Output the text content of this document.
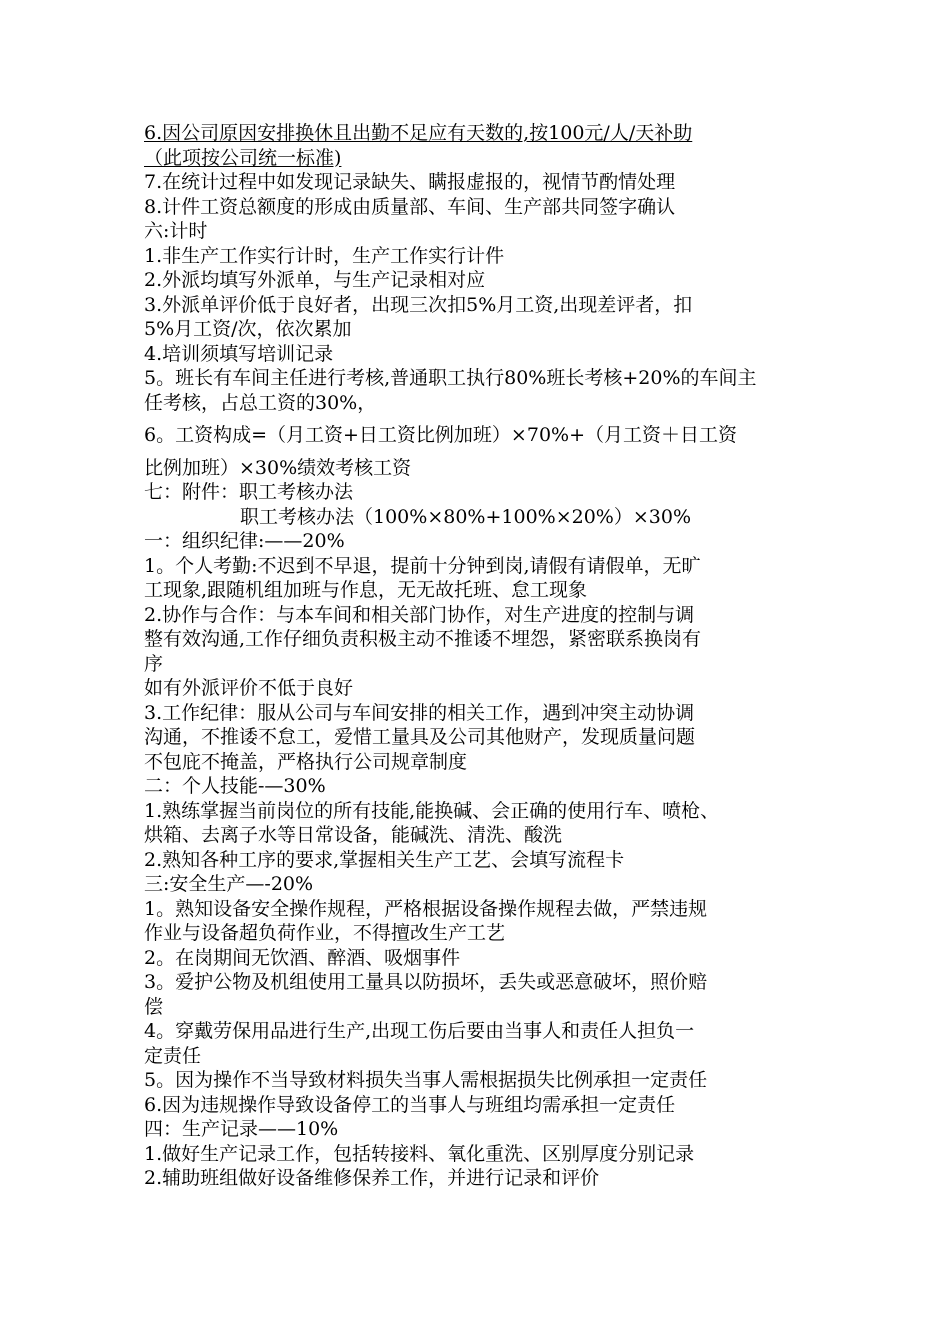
6.因公司原因安排换休且出勤不足应有天数的,按100元/人/天补助
（此项按公司统一标准)
7.在统计过程中如发现记录缺失、瞒报虚报的，视情节酌情处理
8.计件工资总额度的形成由质量部、车间、生产部共同签字确认
六:计时
1.非生产工作实行计时，生产工作实行计件
2.外派均填写外派单，与生产记录相对应
3.外派单评价低于良好者，出现三次扣5%月工资,出现差评者，扣
5%月工资/次，依次累加
4.培训须填写培训记录
5。班长有车间主任进行考核,普通职工执行80%班长考核+20%的车间主
任考核，占总工资的30%，
6。工资构成=（月工资+日工资比例加班）×70%+（月工资＋日工资
比例加班）×30%绩效考核工资
七：附件：职工考核办法
职工考核办法（100%×80%+100%×20%）×30%
一：组织纪律:——20%
1。个人考勤:不迟到不早退，提前十分钟到岗,请假有请假单，无旷
工现象,跟随机组加班与作息，无无故托班、怠工现象
2.协作与合作：与本车间和相关部门协作，对生产进度的控制与调
整有效沟通,工作仔细负责积极主动不推诿不埋怨，紧密联系换岗有
序
如有外派评价不低于良好
3.工作纪律：服从公司与车间安排的相关工作，遇到冲突主动协调
沟通，不推诿不怠工，爱惜工量具及公司其他财产，发现质量问题
不包庇不掩盖，严格执行公司规章制度
二：个人技能-—30%
1.熟练掌握当前岗位的所有技能,能换碱、会正确的使用行车、喷枪、
烘箱、去离子水等日常设备，能碱洗、清洗、酸洗
2.熟知各种工序的要求,掌握相关生产工艺、会填写流程卡
三:安全生产—-20%
1。熟知设备安全操作规程，严格根据设备操作规程去做，严禁违规
作业与设备超负荷作业，不得擅改生产工艺
2。在岗期间无饮酒、醉酒、吸烟事件
3。爱护公物及机组使用工量具以防损坏，丢失或恶意破坏，照价赔
偿
4。穿戴劳保用品进行生产,出现工伤后要由当事人和责任人担负一
定责任
5。因为操作不当导致材料损失当事人需根据损失比例承担一定责任
6.因为违规操作导致设备停工的当事人与班组均需承担一定责任
四：生产记录——10%
1.做好生产记录工作，包括转接料、氧化重洗、区别厚度分别记录
2.辅助班组做好设备维修保养工作，并进行记录和评价
